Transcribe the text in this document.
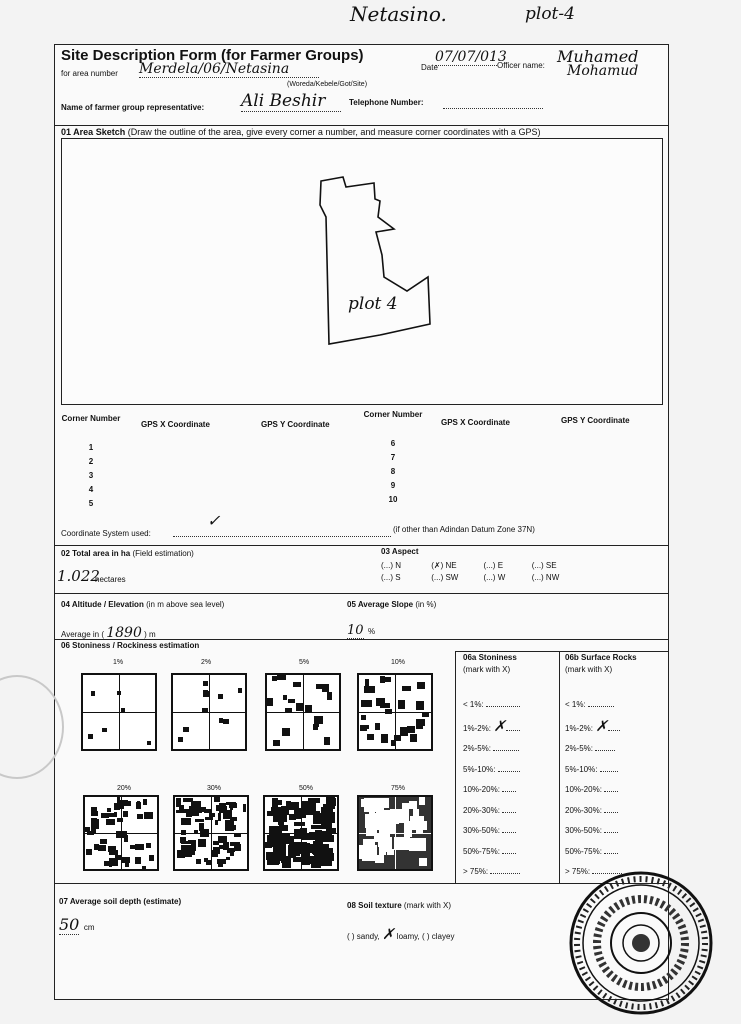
Netasino.	plot-4
Site Description Form (for Farmer Groups)
for area number Merdela/06/Netasina
(Woreda/Kebele/Got/Site)
Date
07/07/013
Officer name: Muhamed
Mohamud
Name of farmer group representative: Ali Beshir	Telephone Number:
01 Area Sketch (Draw the outline of the area, give every corner a number, and measure corner coordinates with a GPS)
plot 4
Corner Number
GPS X Coordinate	GPS Y Coordinate
Corner Number
GPS X Coordinate	GPS Y Coordinate
1
2
3
4
5
6
7
8
9
10
Coordinate System used:
✓	(if other than Adindan Datum Zone 37N)
02 Total area in ha (Field estimation)
1.022
hectares
03 Aspect
(...) N	(✗) NE	(...) E	(...) SE
(...) S	(...) SW	(...) W	(...) NW
04 Altitude / Elevation (in m above sea level)
Average in ( 1890 ) m
05 Average Slope (in %)
10 %
06 Stoniness / Rockiness estimation
1%	2%	5%	10%
20%	30%	50%	75%
06a Stoniness
(mark with X)
< 1%:
1%-2%: ✗
2%-5%:
5%-10%:
10%-20%:
20%-30%:
30%-50%:
50%-75%:
> 75%:
06b Surface Rocks
(mark with X)
< 1%:
1%-2%: ✗
2%-5%:
5%-10%:
10%-20%:
20%-30%:
30%-50%:
50%-75%:
> 75%:
07 Average soil depth (estimate)
50 cm
08 Soil texture (mark with X)
( ) sandy, ✗ loamy, ( ) clayey
